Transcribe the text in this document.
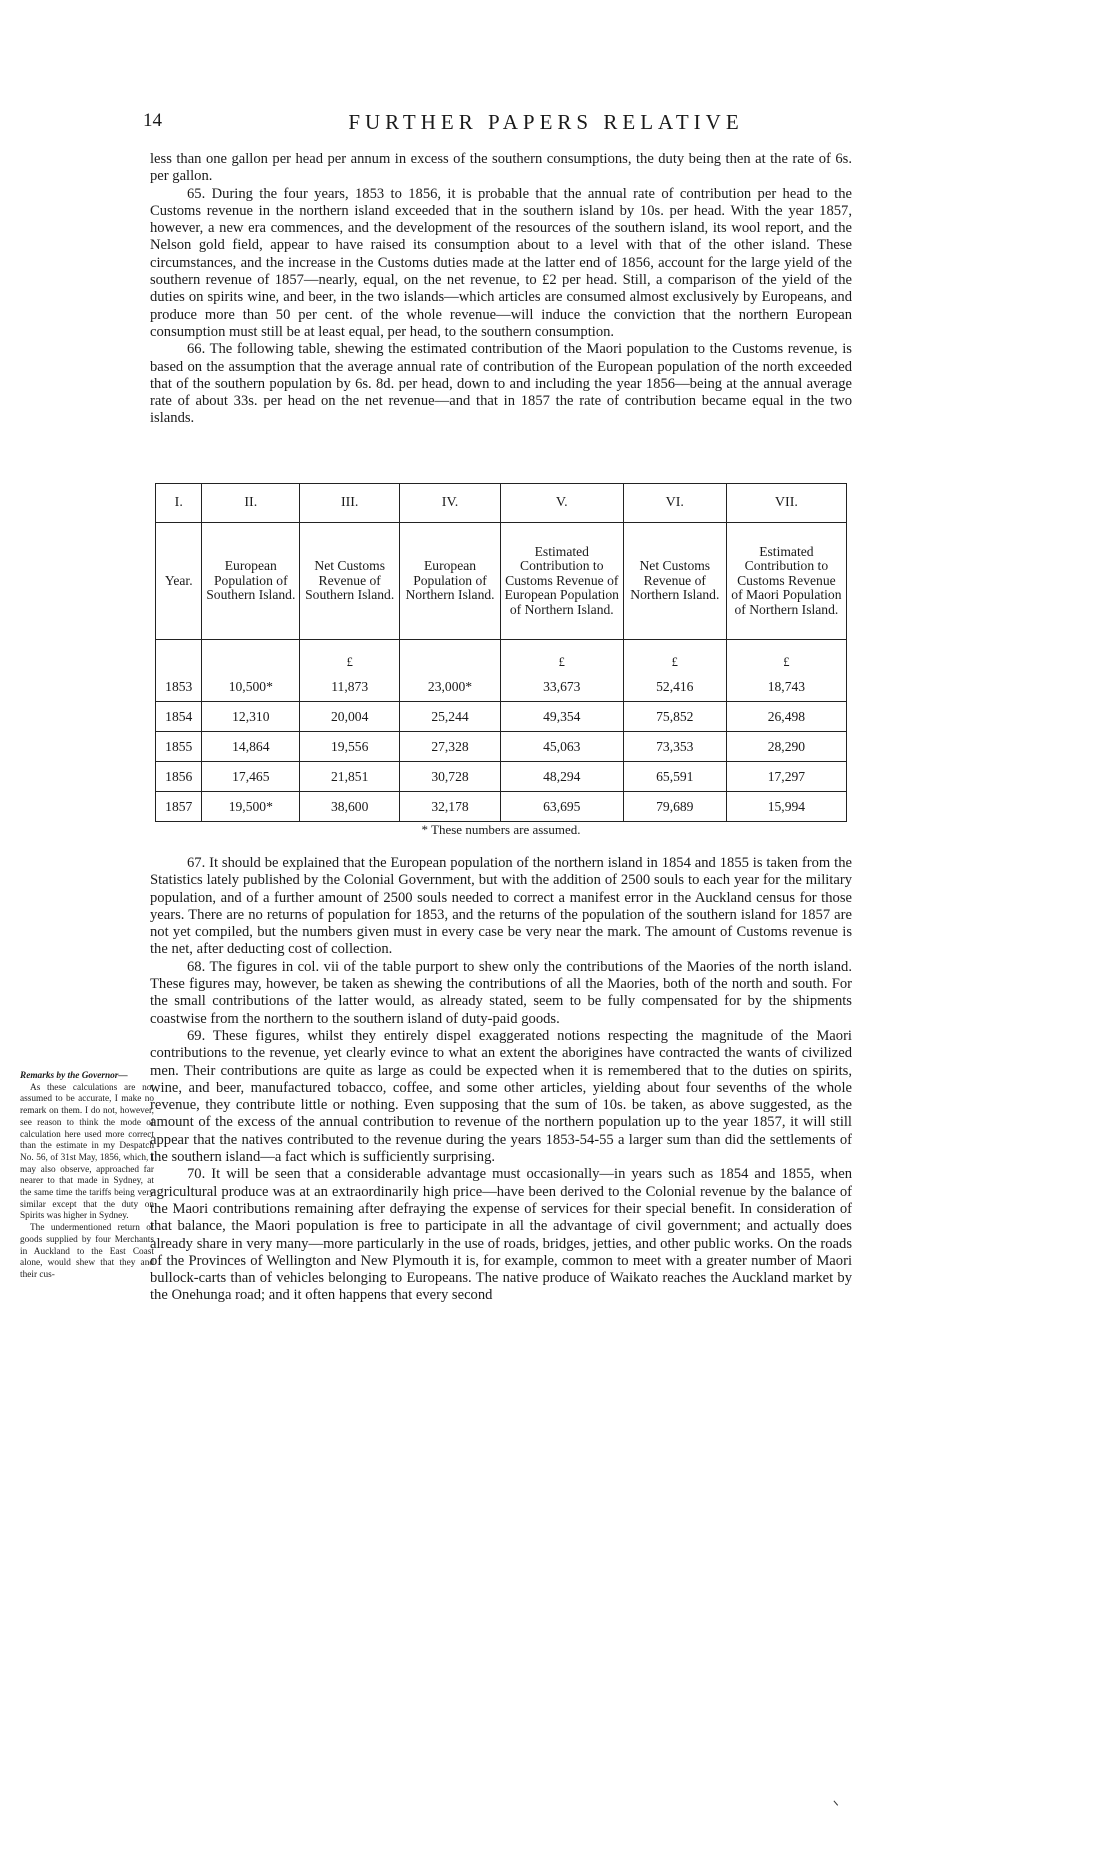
14	FURTHER PAPERS RELATIVE

less than one gallon per head per annum in excess of the southern consumptions, the duty being then at the rate of 6s. per gallon.

65. During the four years, 1853 to 1856, it is probable that the annual rate of contribution per head to the Customs revenue in the northern island exceeded that in the southern island by 10s. per head. With the year 1857, however, a new era commences, and the development of the resources of the southern island, its wool report, and the Nelson gold field, appear to have raised its consumption about to a level with that of the other island. These circumstances, and the increase in the Customs duties made at the latter end of 1856, account for the large yield of the southern revenue of 1857—nearly, equal, on the net revenue, to £2 per head. Still, a comparison of the yield of the duties on spirits wine, and beer, in the two islands—which articles are consumed almost exclusively by Europeans, and produce more than 50 per cent. of the whole revenue—will induce the conviction that the northern European consumption must still be at least equal, per head, to the southern consumption.

66. The following table, shewing the estimated contribution of the Maori population to the Customs revenue, is based on the assumption that the average annual rate of contribution of the European population of the north exceeded that of the southern population by 6s. 8d. per head, down to and including the year 1856—being at the annual average rate of about 33s. per head on the net revenue—and that in 1857 the rate of contribution became equal in the two islands.

I.	II.	III.	IV.	V.	VI.	VII.
Year.	European Population of Southern Island.	Net Customs Revenue of Southern Island.	European Population of Northern Island.	Estimated Contribution to Customs Revenue of European Population of Northern Island.	Net Customs Revenue of Northern Island.	Estimated Contribution to Customs Revenue of Maori Population of Northern Island.
		£		£	£	£
1853	10,500*	11,873	23,000*	33,673	52,416	18,743
1854	12,310	20,004	25,244	49,354	75,852	26,498
1855	14,864	19,556	27,328	45,063	73,353	28,290
1856	17,465	21,851	30,728	48,294	65,591	17,297
1857	19,500*	38,600	32,178	63,695	79,689	15,994
* These numbers are assumed.

67. It should be explained that the European population of the northern island in 1854 and 1855 is taken from the Statistics lately published by the Colonial Government, but with the addition of 2500 souls to each year for the military population, and of a further amount of 2500 souls needed to correct a manifest error in the Auckland census for those years. There are no returns of population for 1853, and the returns of the population of the southern island for 1857 are not yet compiled, but the numbers given must in every case be very near the mark. The amount of Customs revenue is the net, after deducting cost of collection.

68. The figures in col. vii of the table purport to shew only the contributions of the Maories of the north island. These figures may, however, be taken as shewing the contributions of all the Maories, both of the north and south. For the small contributions of the latter would, as already stated, seem to be fully compensated for by the shipments coastwise from the northern to the southern island of duty-paid goods.

69. These figures, whilst they entirely dispel exaggerated notions respecting the magnitude of the Maori contributions to the revenue, yet clearly evince to what an extent the aborigines have contracted the wants of civilized men. Their contributions are quite as large as could be expected when it is remembered that to the duties on spirits, wine, and beer, manufactured tobacco, coffee, and some other articles, yielding about four sevenths of the whole revenue, they contribute little or nothing. Even supposing that the sum of 10s. be taken, as above suggested, as the amount of the excess of the annual contribution to revenue of the northern population up to the year 1857, it will still appear that the natives contributed to the revenue during the years 1853-54-55 a larger sum than did the settlements of the southern island—a fact which is sufficiently surprising.

70. It will be seen that a considerable advantage must occasionally—in years such as 1854 and 1855, when agricultural produce was at an extraordinarily high price—have been derived to the Colonial revenue by the balance of the Maori contributions remaining after defraying the expense of services for their special benefit. In consideration of that balance, the Maori population is free to participate in all the advantage of civil government; and actually does already share in very many—more particularly in the use of roads, bridges, jetties, and other public works. On the roads of the Provinces of Wellington and New Plymouth it is, for example, common to meet with a greater number of Maori bullock-carts than of vehicles belonging to Europeans. The native produce of Waikato reaches the Auckland market by the Onehunga road; and it often happens that every second

Remarks by the Governor—

As these calculations are not assumed to be accurate, I make no remark on them. I do not, however, see reason to think the mode of calculation here used more correct than the estimate in my Despatch No. 56, of 31st May, 1856, which, I may also observe, approached far nearer to that made in Sydney, at the same time the tariffs being very similar except that the duty on Spirits was higher in Sydney.

The undermentioned return of goods supplied by four Merchants in Auckland to the East Coast alone, would shew that they and their cus-
